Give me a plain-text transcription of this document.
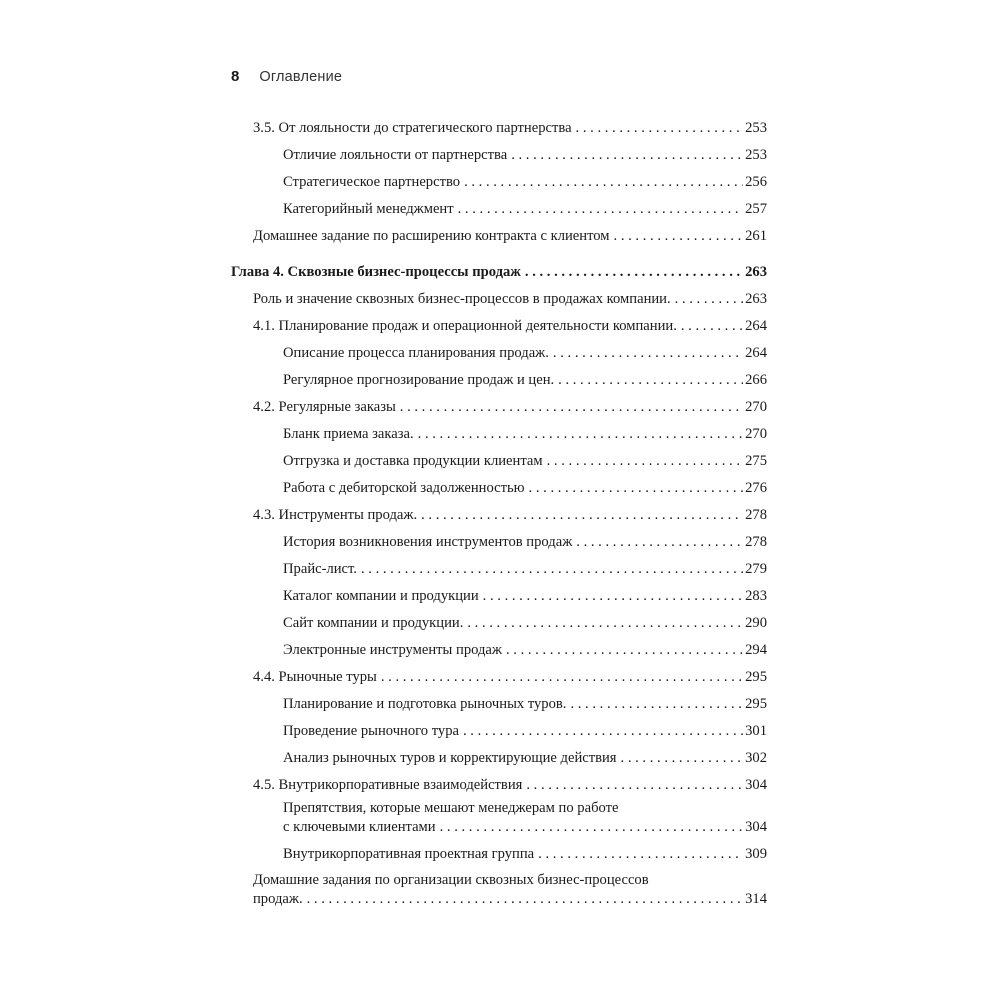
8 Оглавление
3.5. От лояльности до стратегического партнерства . . .	253
Отличие лояльности от партнерства . . .	253
Стратегическое партнерство . . .	256
Категорийный менеджмент . . .	257
Домашнее задание по расширению контракта с клиентом . . .	261
Глава 4. Сквозные бизнес-процессы продаж . . .	263
Роль и значение сквозных бизнес-процессов в продажах компании. . . .	263
4.1. Планирование продаж и операционной деятельности компании. . . .	264
Описание процесса планирования продаж. . . .	264
Регулярное прогнозирование продаж и цен. . . .	266
4.2. Регулярные заказы . . .	270
Бланк приема заказа. . . .	270
Отгрузка и доставка продукции клиентам . . .	275
Работа с дебиторской задолженностью . . .	276
4.3. Инструменты продаж. . . .	278
История возникновения инструментов продаж . . .	278
Прайс-лист. . . .	279
Каталог компании и продукции . . .	283
Сайт компании и продукции. . . .	290
Электронные инструменты продаж . . .	294
4.4. Рыночные туры . . .	295
Планирование и подготовка рыночных туров. . . .	295
Проведение рыночного тура . . .	301
Анализ рыночных туров и корректирующие действия . . .	302
4.5. Внутрикорпоративные взаимодействия . . .	304
Препятствия, которые мешают менеджерам по работе
с ключевыми клиентами . . .	304
Внутрикорпоративная проектная группа . . .	309
Домашние задания по организации сквозных бизнес-процессов
продаж. . . .	314
